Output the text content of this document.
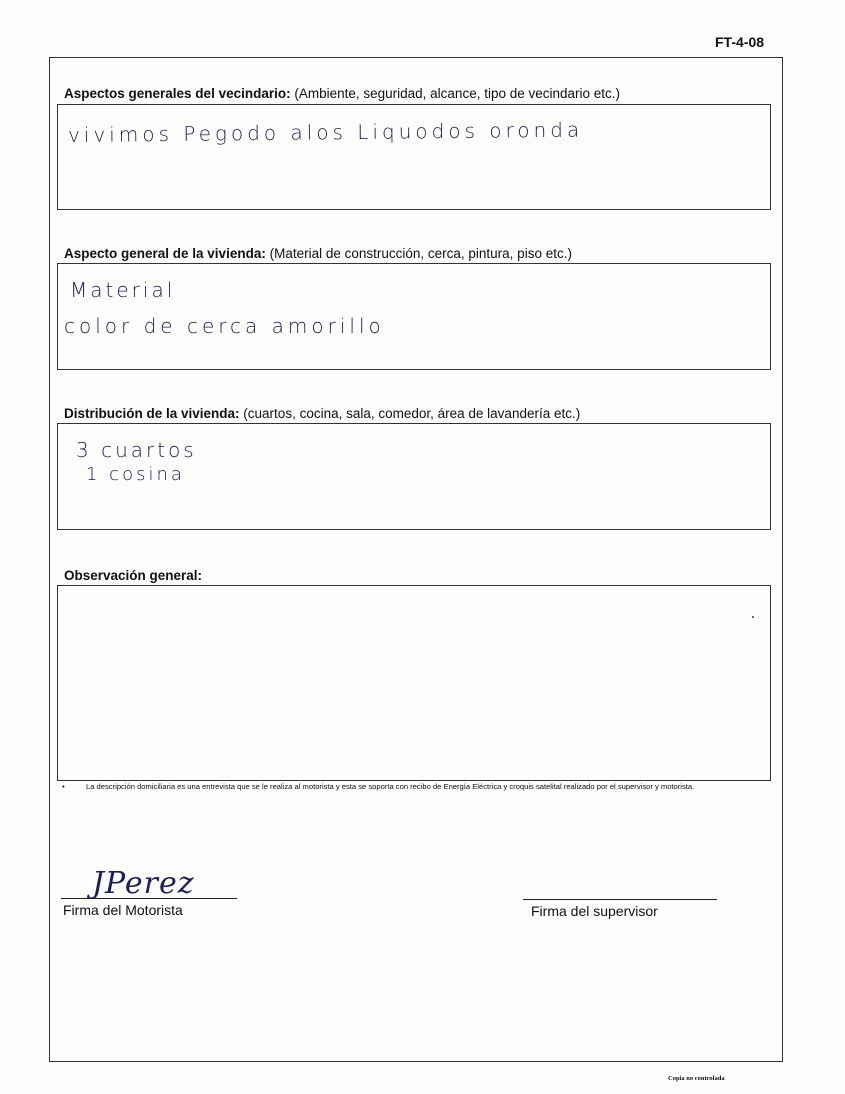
FT-4-08
Aspectos generales del vecindario: (Ambiente, seguridad, alcance, tipo de vecindario etc.)
vivimos Pegodo alos Liquodos oronda
Aspecto general de la vivienda: (Material de construcción, cerca, pintura, piso etc.)
Material
color de cerca amorillo
Distribución de la vivienda: (cuartos, cocina, sala, comedor, área de lavandería etc.)
3 cuartos
1 cosina
Observación general:
•	La descripción domiciliaria es una entrevista que se le realiza al motorista y esta se soporta con recibo de Energía Eléctrica y croquis satelital realizado por el supervisor y motorista.
JPerez
Firma del Motorista	Firma del supervisor
Copia no controlada
